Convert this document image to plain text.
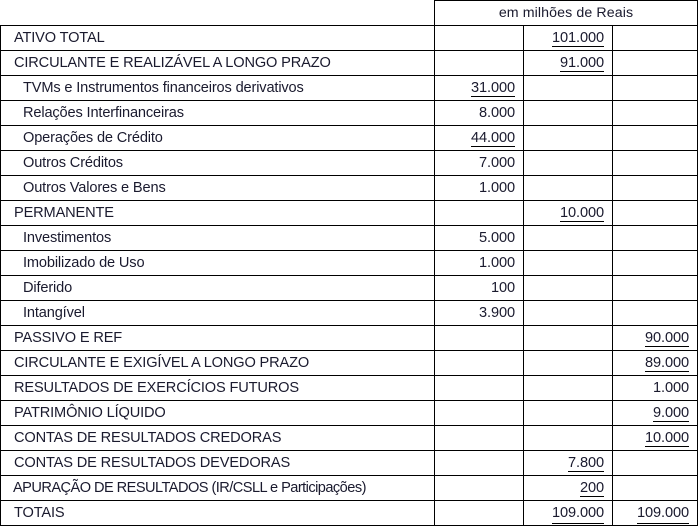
	em milhões de Reais		
ATIVO TOTAL		101.000	
CIRCULANTE E REALIZÁVEL A LONGO PRAZO		91.000	
TVMs e Instrumentos financeiros derivativos	31.000		
Relações Interfinanceiras	8.000		
Operações de Crédito	44.000		
Outros Créditos	7.000		
Outros Valores e Bens	1.000		
PERMANENTE		10.000	
Investimentos	5.000		
Imobilizado de Uso	1.000		
Diferido	100		
Intangível	3.900		
PASSIVO E REF			90.000
CIRCULANTE E EXIGÍVEL A LONGO PRAZO			89.000
RESULTADOS DE EXERCÍCIOS FUTUROS			1.000
PATRIMÔNIO LÍQUIDO			9.000
CONTAS DE RESULTADOS CREDORAS			10.000
CONTAS DE RESULTADOS DEVEDORAS		7.800	
APURAÇÃO DE RESULTADOS (IR/CSLL e Participações)		200	
TOTAIS		109.000	109.000
